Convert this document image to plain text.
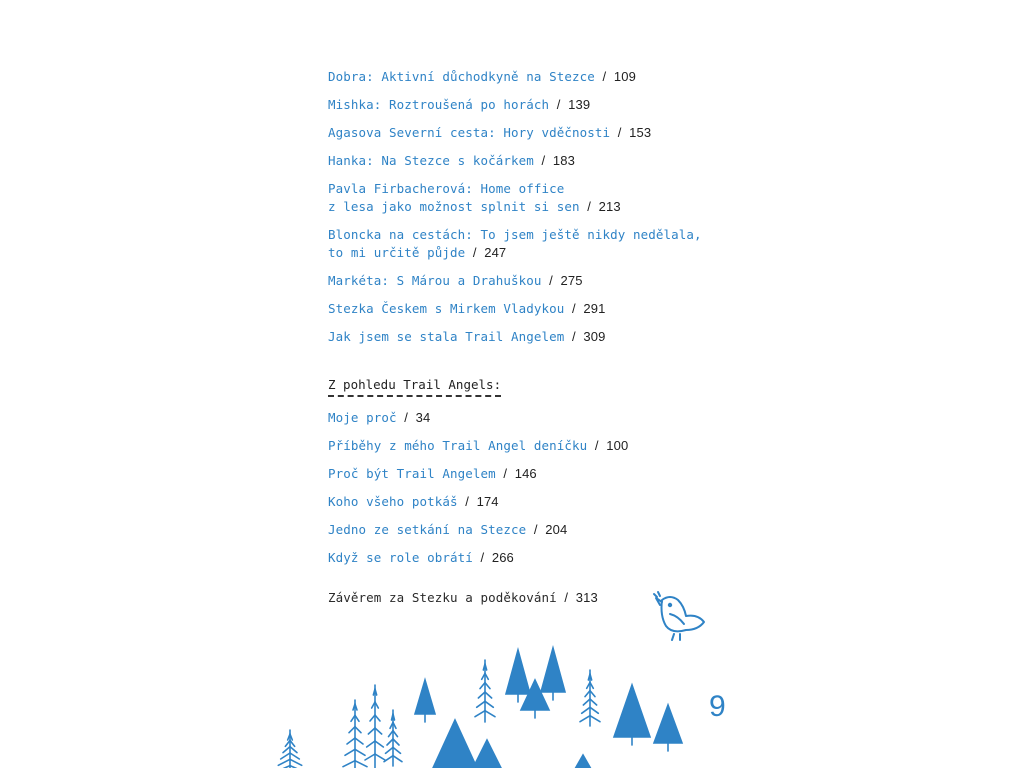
Dobra: Aktivní důchodkyně na Stezce / 109
Mishka: Roztroušená po horách / 139
Agasova Severní cesta: Hory vděčnosti / 153
Hanka: Na Stezce s kočárkem / 183
Pavla Firbacherová: Home office
z lesa jako možnost splnit si sen / 213
Bloncka na cestách: To jsem ještě nikdy nedělala,
to mi určitě půjde / 247
Markéta: S Márou a Drahuškou / 275
Stezka Českem s Mirkem Vladykou / 291
Jak jsem se stala Trail Angelem / 309
Z pohledu Trail Angels:
Moje proč / 34
Příběhy z mého Trail Angel deníčku / 100
Proč být Trail Angelem / 146
Koho všeho potkáš / 174
Jedno ze setkání na Stezce / 204
Když se role obrátí / 266
Závěrem za Stezku a poděkování / 313
9
